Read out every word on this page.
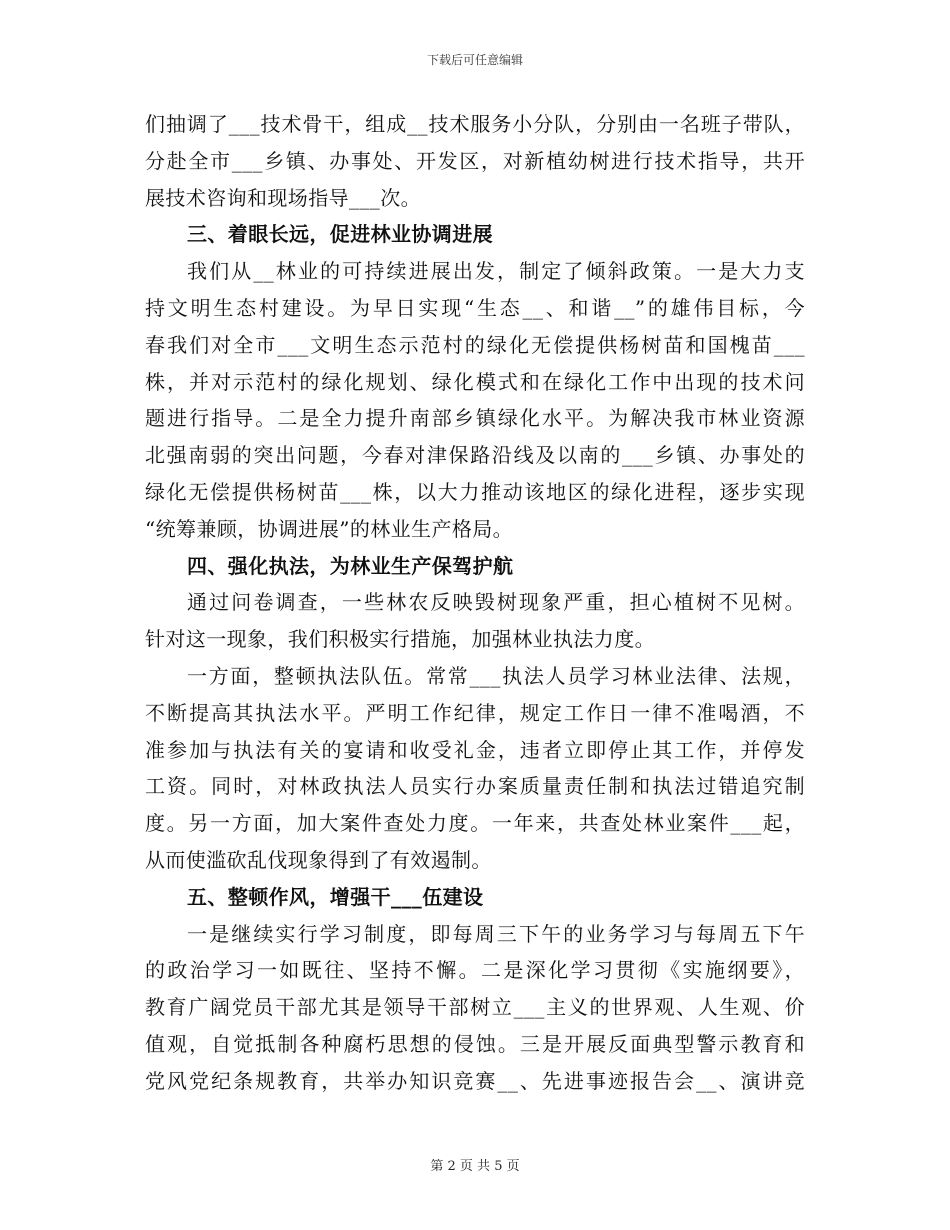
下载后可任意编辑
们抽调了___技术骨干，组成__技术服务小分队，分别由一名班子带队，
分赴全市___乡镇、办事处、开发区，对新植幼树进行技术指导，共开
展技术咨询和现场指导___次。
三、着眼长远，促进林业协调进展
我们从__林业的可持续进展出发，制定了倾斜政策。一是大力支
持文明生态村建设。为早日实现“生态__、和谐__”的雄伟目标，今
春我们对全市___文明生态示范村的绿化无偿提供杨树苗和国槐苗___
株，并对示范村的绿化规划、绿化模式和在绿化工作中出现的技术问
题进行指导。二是全力提升南部乡镇绿化水平。为解决我市林业资源
北强南弱的突出问题，今春对津保路沿线及以南的___乡镇、办事处的
绿化无偿提供杨树苗___株，以大力推动该地区的绿化进程，逐步实现
“统筹兼顾，协调进展”的林业生产格局。
四、强化执法，为林业生产保驾护航
通过问卷调查，一些林农反映毁树现象严重，担心植树不见树。
针对这一现象，我们积极实行措施，加强林业执法力度。
一方面，整顿执法队伍。常常___执法人员学习林业法律、法规，
不断提高其执法水平。严明工作纪律，规定工作日一律不准喝酒，不
准参加与执法有关的宴请和收受礼金，违者立即停止其工作，并停发
工资。同时，对林政执法人员实行办案质量责任制和执法过错追究制
度。另一方面，加大案件查处力度。一年来，共查处林业案件___起，
从而使滥砍乱伐现象得到了有效遏制。
五、整顿作风，增强干___伍建设
一是继续实行学习制度，即每周三下午的业务学习与每周五下午
的政治学习一如既往、坚持不懈。二是深化学习贯彻《实施纲要》，
教育广阔党员干部尤其是领导干部树立___主义的世界观、人生观、价
值观，自觉抵制各种腐朽思想的侵蚀。三是开展反面典型警示教育和
党风党纪条规教育，共举办知识竞赛__、先进事迹报告会__、演讲竞
第 2 页 共 5 页
